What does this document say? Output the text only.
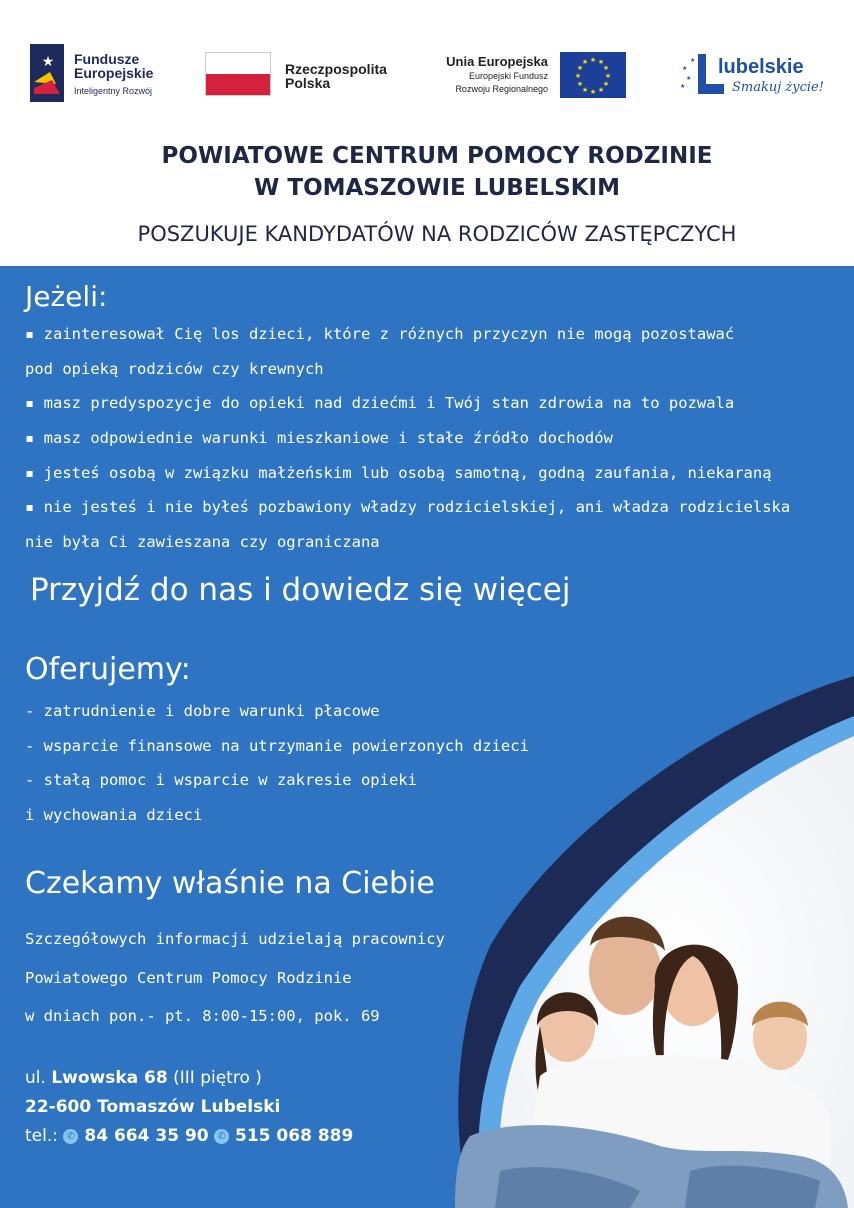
★ Fundusze
Europejskie
Inteligentny Rozwój
Rzeczpospolita
Polska
Unia Europejska
Europejski Fundusz
Rozwoju Regionalnego
★ ★
★
★
★
★
★
★
★
★
★
★
★
★
★
★ lubelskie
Smakuj życie!
POWIATOWE CENTRUM POMOCY RODZINIE
W TOMASZOWIE LUBELSKIM
POSZUKUJE KANDYDATÓW NA RODZICÓW ZASTĘPCZYCH
Jeżeli:
▪ zainteresował Cię los dzieci, które z różnych przyczyn nie mogą pozostawać
pod opieką rodziców czy krewnych
▪ masz predyspozycje do opieki nad dziećmi i Twój stan zdrowia na to pozwala
▪ masz odpowiednie warunki mieszkaniowe i stałe źródło dochodów
▪ jesteś osobą w związku małżeńskim lub osobą samotną, godną zaufania, niekaraną
▪ nie jesteś i nie byłeś pozbawiony władzy rodzicielskiej, ani władza rodzicielska
nie była Ci zawieszana czy ograniczana
Przyjdź do nas i dowiedz się więcej
Oferujemy:
- zatrudnienie i dobre warunki płacowe
- wsparcie finansowe na utrzymanie powierzonych dzieci
- stałą pomoc i wsparcie w zakresie opieki
i wychowania dzieci
Czekamy właśnie na Ciebie
Szczegółowych informacji udzielają pracownicy
Powiatowego Centrum Pomocy Rodzinie
w dniach pon.- pt. 8:00-15:00, pok. 69
ul. Lwowska 68 (III piętro )
22-600 Tomaszów Lubelski
tel.: ✆ 84 664 35 90 ✆ 515 068 889
